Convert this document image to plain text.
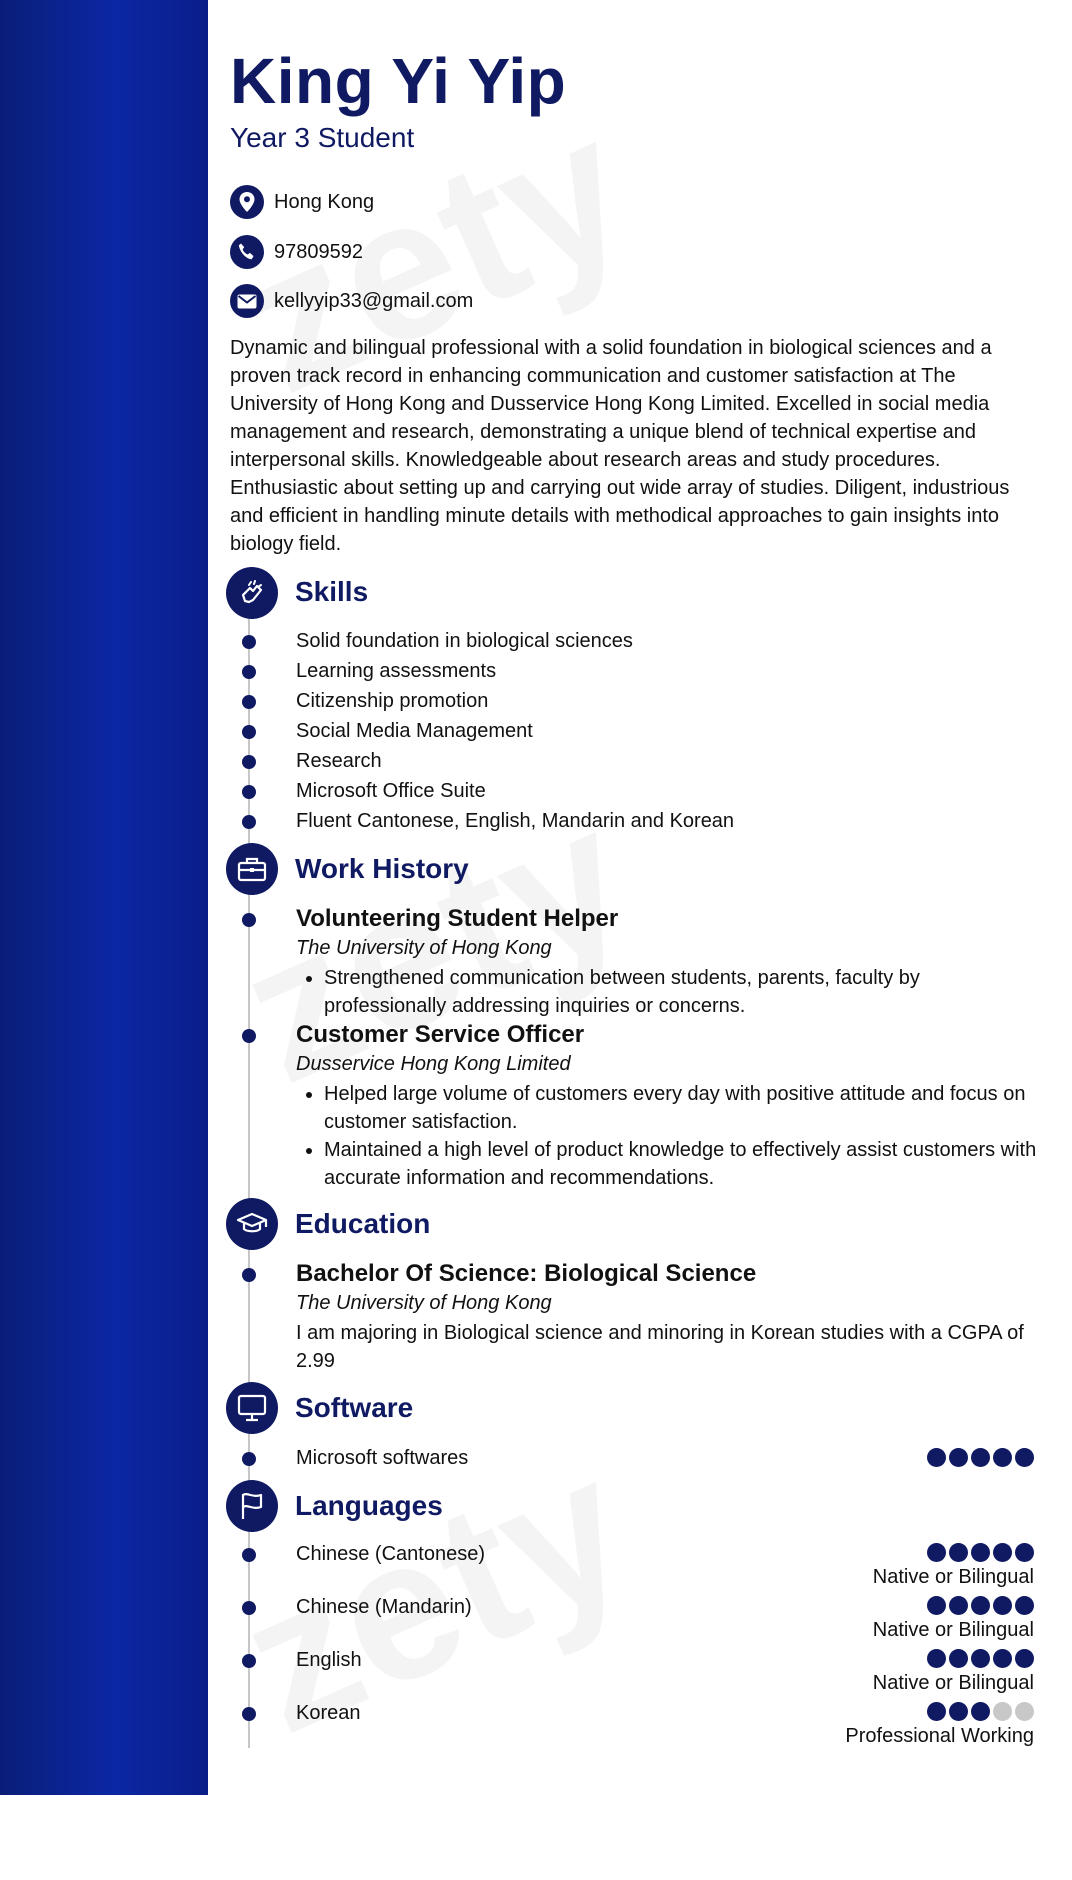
King Yi Yip
Year 3 Student
Hong Kong
97809592
kellyyip33@gmail.com
Dynamic and bilingual professional with a solid foundation in biological sciences and a proven track record in enhancing communication and customer satisfaction at The University of Hong Kong and Dusservice Hong Kong Limited. Excelled in social media management and research, demonstrating a unique blend of technical expertise and interpersonal skills. Knowledgeable about research areas and study procedures. Enthusiastic about setting up and carrying out wide array of studies. Diligent, industrious and efficient in handling minute details with methodical approaches to gain insights into biology field.
Skills
Solid foundation in biological sciences
Learning assessments
Citizenship promotion
Social Media Management
Research
Microsoft Office Suite
Fluent Cantonese, English, Mandarin and Korean
Work History
Volunteering Student Helper
The University of Hong Kong
• Strengthened communication between students, parents, faculty by professionally addressing inquiries or concerns.
2024-01 - 2024-03
Customer Service Officer
Dusservice Hong Kong Limited
• Helped large volume of customers every day with positive attitude and focus on customer satisfaction.
• Maintained a high level of product knowledge to effectively assist customers with accurate information and recommendations.
Education
Expected in 2026-
08
Bachelor Of Science: Biological Science
The University of Hong Kong
I am majoring in Biological science and minoring in Korean studies with a CGPA of 2.99
Software
Microsoft softwares
Languages
Chinese (Cantonese)
Native or Bilingual
Chinese (Mandarin)
Native or Bilingual
English
Native or Bilingual
Korean
Professional Working
